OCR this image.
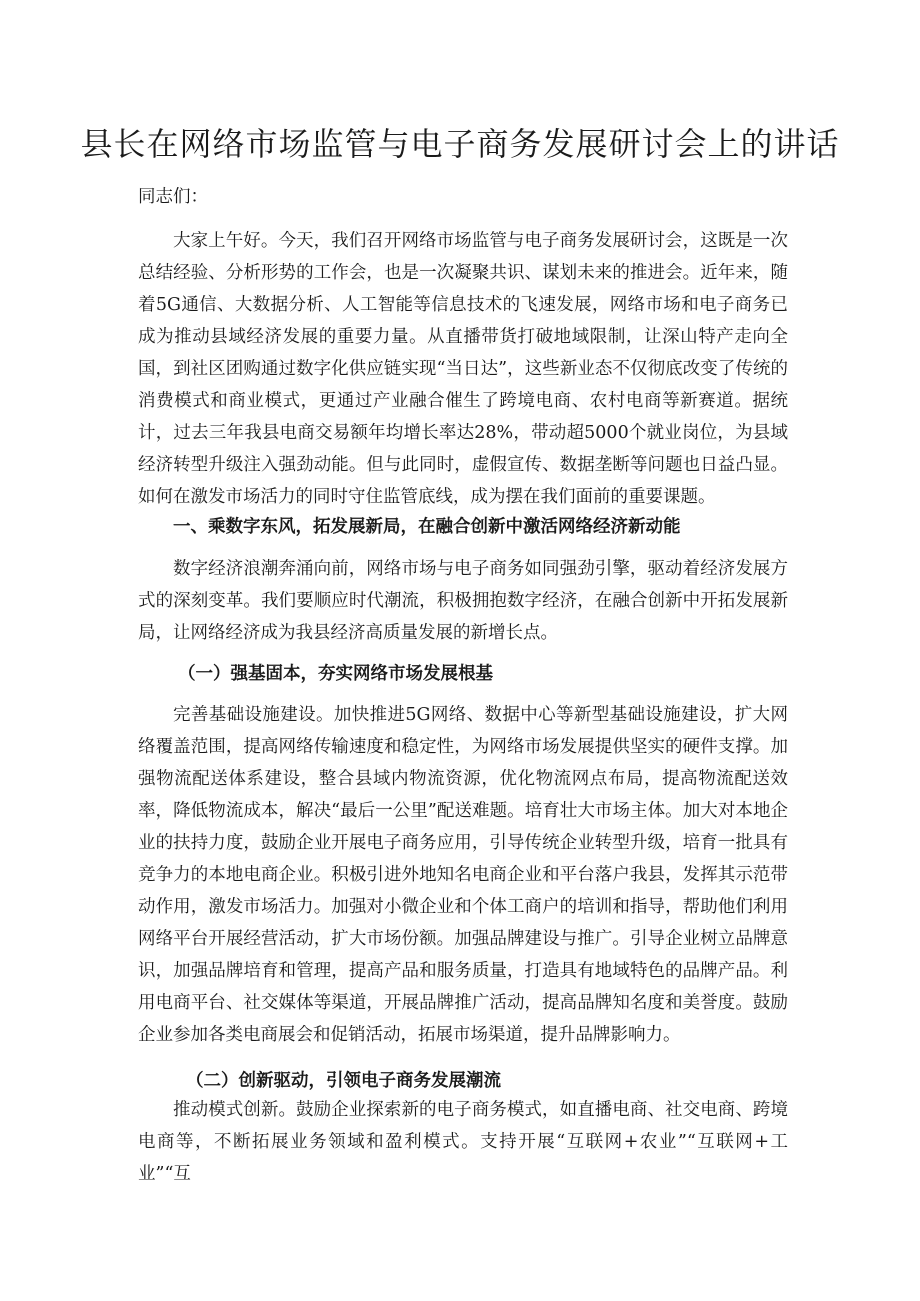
县长在网络市场监管与电子商务发展研讨会上的讲话

同志们：

大家上午好。今天，我们召开网络市场监管与电子商务发展研讨会，这既是一次总结经验、分析形势的工作会，也是一次凝聚共识、谋划未来的推进会。近年来，随着5G通信、大数据分析、人工智能等信息技术的飞速发展，网络市场和电子商务已成为推动县域经济发展的重要力量。从直播带货打破地域限制，让深山特产走向全国，到社区团购通过数字化供应链实现“当日达”，这些新业态不仅彻底改变了传统的消费模式和商业模式，更通过产业融合催生了跨境电商、农村电商等新赛道。据统计，过去三年我县电商交易额年均增长率达28%，带动超5000个就业岗位，为县域经济转型升级注入强劲动能。但与此同时，虚假宣传、数据垄断等问题也日益凸显。如何在激发市场活力的同时守住监管底线，成为摆在我们面前的重要课题。

一、乘数字东风，拓发展新局，在融合创新中激活网络经济新动能

数字经济浪潮奔涌向前，网络市场与电子商务如同强劲引擎，驱动着经济发展方式的深刻变革。我们要顺应时代潮流，积极拥抱数字经济，在融合创新中开拓发展新局，让网络经济成为我县经济高质量发展的新增长点。

（一）强基固本，夯实网络市场发展根基

完善基础设施建设。加快推进5G网络、数据中心等新型基础设施建设，扩大网络覆盖范围，提高网络传输速度和稳定性，为网络市场发展提供坚实的硬件支撑。加强物流配送体系建设，整合县域内物流资源，优化物流网点布局，提高物流配送效率，降低物流成本，解决“最后一公里”配送难题。培育壮大市场主体。加大对本地企业的扶持力度，鼓励企业开展电子商务应用，引导传统企业转型升级，培育一批具有竞争力的本地电商企业。积极引进外地知名电商企业和平台落户我县，发挥其示范带动作用，激发市场活力。加强对小微企业和个体工商户的培训和指导，帮助他们利用网络平台开展经营活动，扩大市场份额。加强品牌建设与推广。引导企业树立品牌意识，加强品牌培育和管理，提高产品和服务质量，打造具有地域特色的品牌产品。利用电商平台、社交媒体等渠道，开展品牌推广活动，提高品牌知名度和美誉度。鼓励企业参加各类电商展会和促销活动，拓展市场渠道，提升品牌影响力。

（二）创新驱动，引领电子商务发展潮流

推动模式创新。鼓励企业探索新的电子商务模式，如直播电商、社交电商、跨境电商等，不断拓展业务领域和盈利模式。支持开展“互联网+农业”“互联网+工业”“互
